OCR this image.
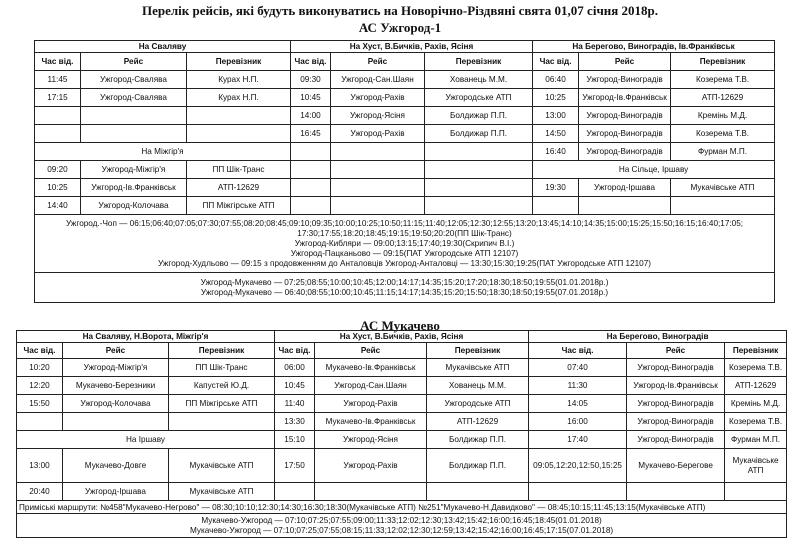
Перелік рейсів, які будуть виконуватись на Новорічно-Різдвяні свята 01,07 січня 2018р.
АС Ужгород-1
На Сваляву			На Хуст, В.Бичків, Рахів, Ясіня			На Берегово, Виноградів, Ів.Франківськ		
Час від.	Рейс	Перевізник	Час від.	Рейс	Перевізник	Час від.	Рейс	Перевізник
11:45	Ужгород-Свалява	Курах Н.П.	09:30	Ужгород-Сан.Шаян	Хованець М.М.	06:40	Ужгород-Виноградів	Козерема Т.В.
17:15	Ужгород-Свалява	Курах Н.П.	10:45	Ужгород-Рахів	Ужгородське АТП	10:25	Ужгород-Ів.Франківськ	АТП-12629
			14:00	Ужгород-Ясіня	Болдижар П.П.	13:00	Ужгород-Виноградів	Кремінь М.Д.
			16:45	Ужгород-Рахів	Болдижар П.П.	14:50	Ужгород-Виноградів	Козерема Т.В.
На Міжгір'я						16:40	Ужгород-Виноградів	Фурман М.П.
09:20	Ужгород-Міжгір'я	ПП Шік-Транс				На Сільце, Іршаву		
10:25	Ужгород-Ів.Франківськ	АТП-12629				19:30	Ужгород-Іршава	Мукачівське АТП
14:40	Ужгород-Колочава	ПП Міжгірське АТП						

Ужгород.-Чоп — 06:15;06:40;07:05;07:30;07:55;08:20;08:45;09:10;09:35;10:00;10:25;10:50;11:15;11:40;12:05;12:30;12:55;13:20;13:45;14:10;14:35;15:00;15:25;15:50;16:15;16:40;17:05;
17:30;17:55;18:20;18:45;19:15;19:50;20:20(ПП Шік-Транс)
Ужгород-Кибляри — 09:00;13:15;17:40;19:30(Скрипич В.І.)
Ужгород-Пацканьово — 09:15(ПАТ Ужгородське АТП 12107)
Ужгород-Худльово — 09:15 з продовженням до Анталовців Ужгород-Анталовці — 13:30;15:30;19:25(ПАТ Ужгородське АТП 12107)								

Ужгород-Мукачево — 07:25;08:55;10:00;10:45;12:00;14:17;14:35;15:20;17:20;18:30;18:50;19:55(01.01.2018р.)
Ужгород-Мукачево — 06:40;08:55;10:00;10:45;11:15;14:17;14:35;15:20;15:50;18:30;18:50;19:55(07.01.2018р.)								
АС Мукачево
На Сваляву, Н.Ворота, Міжгір'я			На Хуст, В.Бичків, Рахів, Ясіня			На Берегово, Виноградів		
Час від.	Рейс	Перевізник	Час від.	Рейс	Перевізник	Час від.	Рейс	Перевізник
10:20	Ужгород-Міжгір'я	ПП Шік-Транс	06:00	Мукачево-Ів.Франківськ	Мукачівське АТП	07:40	Ужгород-Виноградів	Козерема Т.В.
12:20	Мукачево-Березники	Капустей Ю.Д.	10:45	Ужгород-Сан.Шаян	Хованець М.М.	11:30	Ужгород-Ів.Франківськ	АТП-12629
15:50	Ужгород-Колочава	ПП Міжгірське АТП	11:40	Ужгород-Рахів	Ужгородське АТП	14:05	Ужгород-Виноградів	Кремінь М.Д.
			13:30	Мукачево-Ів.Франківськ	АТП-12629	16:00	Ужгород-Виноградів	Козерема Т.В.
На Іршаву			15:10	Ужгород-Ясіня	Болдижар П.П.	17:40	Ужгород-Виноградів	Фурман М.П.
13:00	Мукачево-Довге	Мукачівське АТП	17:50	Ужгород-Рахів	Болдижар П.П.	09:05,12:20,12:50,15:25	Мукачево-Берегове	Мукачівське АТП
20:40	Ужгород-Іршава	Мукачівське АТП						
Приміські маршрути: №458"Мукачево-Негрово" — 08:30;10:10;12:30;14:30;16:30;18:30(Мукачівське АТП) №251"Мукачево-Н.Давидково" — 08:45;10:15;11:45;13:15(Мукачівське АТП)								

Мукачево-Ужгород — 07:10;07:25;07:55;09:00;11:33;12:02;12:30;13:42;15:42;16:00;16:45;18:45(01.01.2018)
Мукачево-Ужгород — 07:10;07:25;07:55;08:15;11:33;12:02;12:30;12:59;13:42;15:42;16:00;16:45;17:15(07.01.2018)								
